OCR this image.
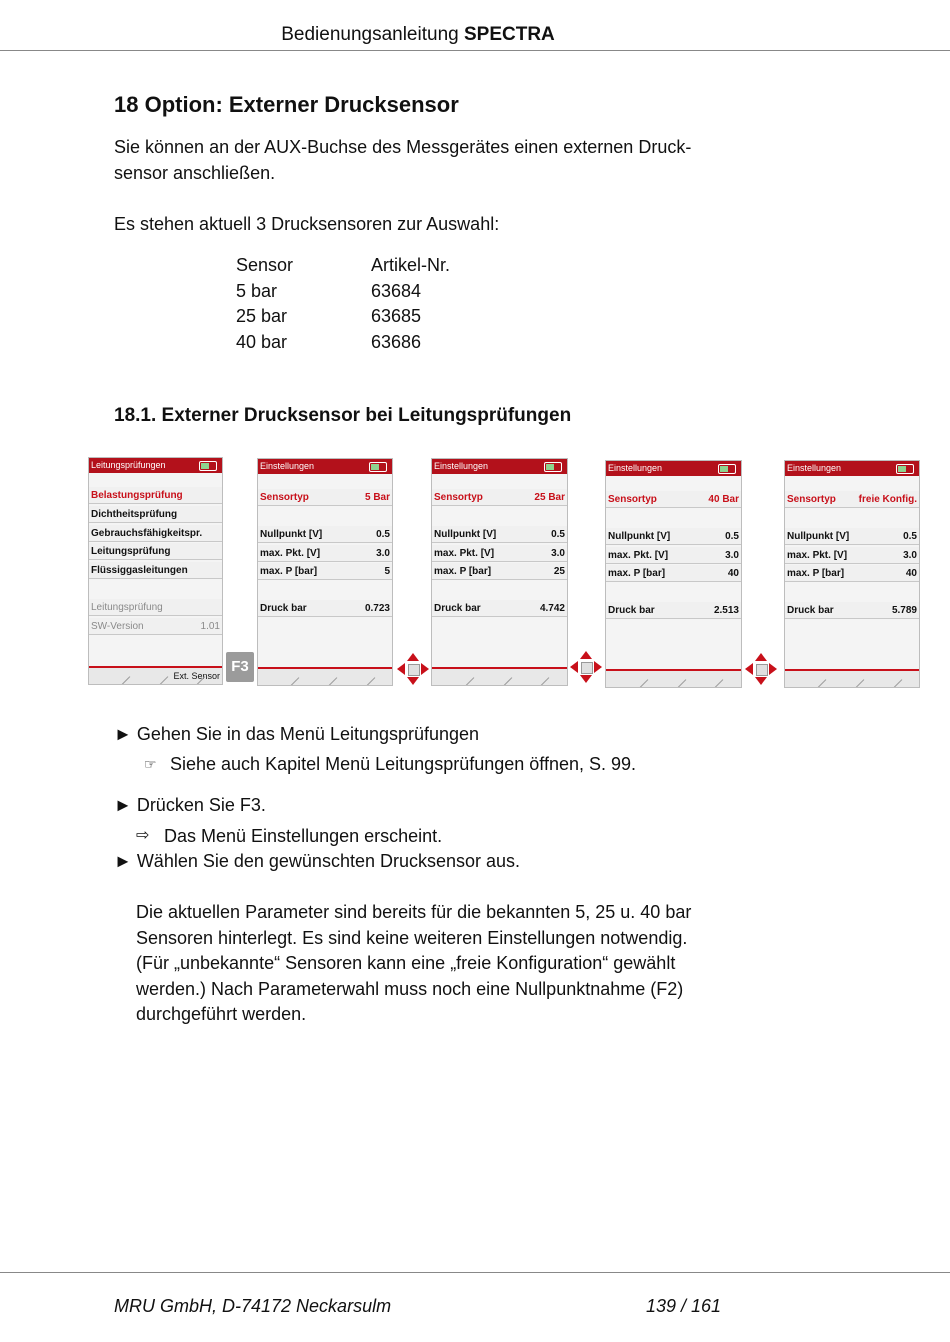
Bedienungsanleitung SPECTRA
18 Option: Externer Drucksensor
Sie können an der AUX-Buchse des Messgerätes einen externen Druck-
sensor anschließen.
Es stehen aktuell 3 Drucksensoren zur Auswahl:
Sensor	Artikel-Nr.
5 bar	63684
25 bar	63685
40 bar	63686
18.1. Externer Drucksensor bei Leitungsprüfungen
Leitungsprüfungen
Belastungsprüfung
Dichtheitsprüfung
Gebrauchsfähigkeitspr.
Leitungsprüfung
Flüssiggasleitungen
Leitungsprüfung
SW-Version	1.01
Ext. Sensor
F3
Einstellungen
Sensortyp	5 Bar
Nullpunkt [V]	0.5
max. Pkt. [V]	3.0
max. P [bar]	5
Druck bar	0.723
Einstellungen
Sensortyp	25 Bar
Nullpunkt [V]	0.5
max. Pkt. [V]	3.0
max. P [bar]	25
Druck bar	4.742
Einstellungen
Sensortyp	40 Bar
Nullpunkt [V]	0.5
max. Pkt. [V]	3.0
max. P [bar]	40
Druck bar	2.513
Einstellungen
Sensortyp freie Konfig.
Nullpunkt [V]	0.5
max. Pkt. [V]	3.0
max. P [bar]	40
Druck bar	5.789
► Gehen Sie in das Menü Leitungsprüfungen
☞ Siehe auch Kapitel Menü Leitungsprüfungen öffnen, S. 99.
► Drücken Sie F3.
⇨ Das Menü Einstellungen erscheint.
► Wählen Sie den gewünschten Drucksensor aus.
Die aktuellen Parameter sind bereits für die bekannten 5, 25 u. 40 bar
Sensoren hinterlegt. Es sind keine weiteren Einstellungen notwendig.
(Für „unbekannte“ Sensoren kann eine „freie Konfiguration“ gewählt
werden.) Nach Parameterwahl muss noch eine Nullpunktnahme (F2)
durchgeführt werden.
MRU GmbH, D-74172 Neckarsulm	139 / 161
